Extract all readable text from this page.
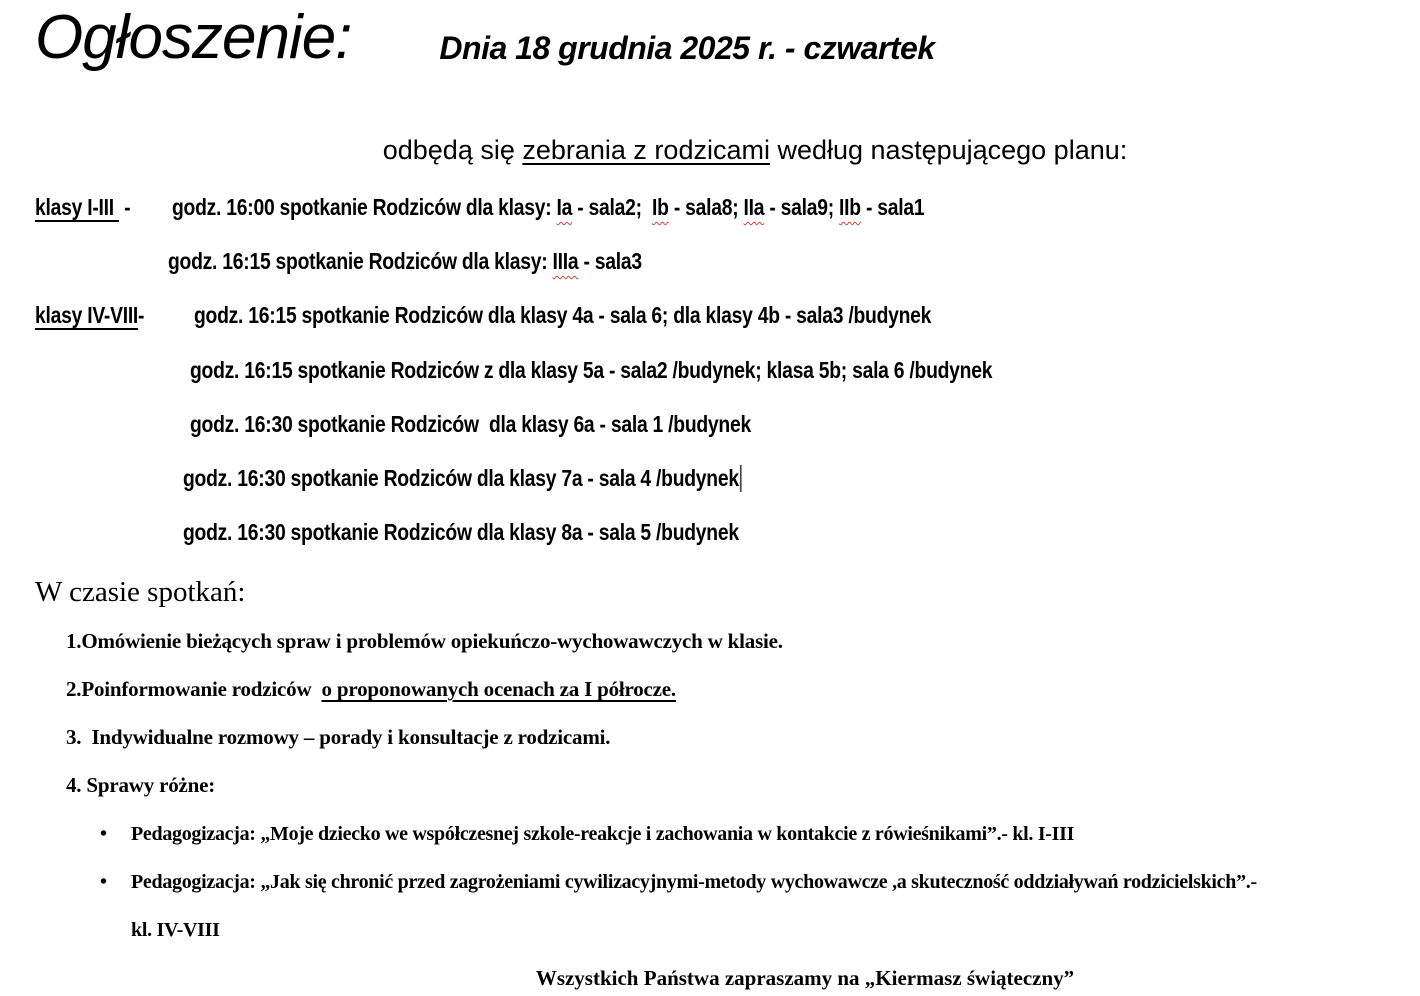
Ogłoszenie:	Dnia 18 grudnia 2025 r. - czwartek
odbędą się zebrania z rodzicami według następującego planu:
klasy I-III  - godz. 16:00 spotkanie Rodziców dla klasy: Ia - sala2;  Ib - sala8; IIa - sala9; IIb - sala1
godz. 16:15 spotkanie Rodziców dla klasy: IIIa - sala3
klasy IV-VIII- godz. 16:15 spotkanie Rodziców dla klasy 4a - sala 6; dla klasy 4b - sala3 /budynek
godz. 16:15 spotkanie Rodziców z dla klasy 5a - sala2 /budynek; klasa 5b; sala 6 /budynek
godz. 16:30 spotkanie Rodziców  dla klasy 6a - sala 1 /budynek
godz. 16:30 spotkanie Rodziców dla klasy 7a - sala 4 /budynek
godz. 16:30 spotkanie Rodziców dla klasy 8a - sala 5 /budynek
W czasie spotkań:
1.Omówienie bieżących spraw i problemów opiekuńczo-wychowawczych w klasie.
2.Poinformowanie rodziców  o proponowanych ocenach za I półrocze.
3.  Indywidualne rozmowy – porady i konsultacje z rodzicami.
4. Sprawy różne:
• Pedagogizacja: „Moje dziecko we współczesnej szkole-reakcje i zachowania w kontakcie z rówieśnikami”.- kl. I-III
• Pedagogizacja: „Jak się chronić przed zagrożeniami cywilizacyjnymi-metody wychowawcze ,a skuteczność oddziaływań rodzicielskich”.-
kl. IV-VIII
Wszystkich Państwa zapraszamy na „Kiermasz świąteczny”
